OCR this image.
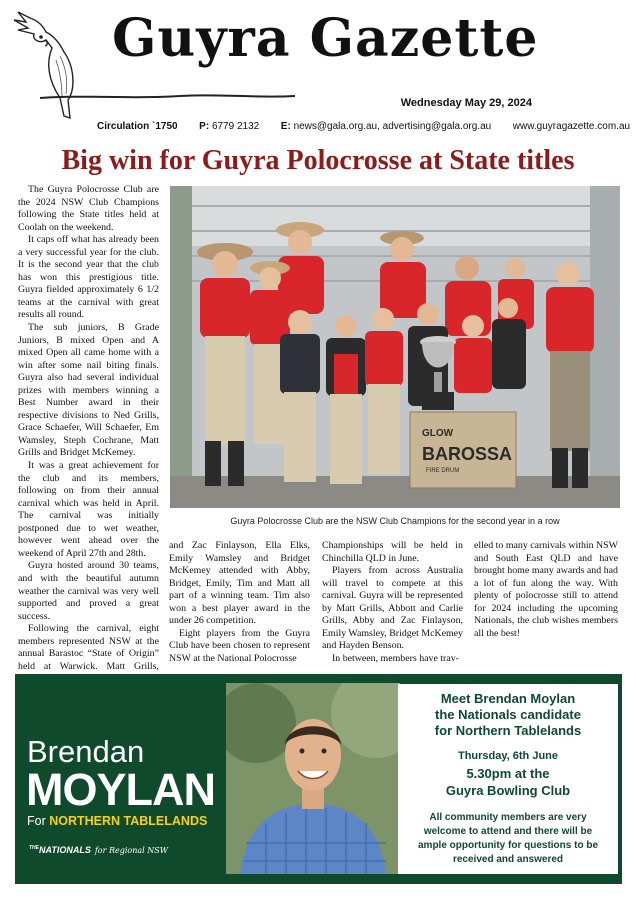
Guyra Gazette
Wednesday May 29, 2024
Circulation `1750 P: 6779 2132 E: news@gala.org.au, advertising@gala.org.au www.guyragazette.com.au
Big win for Guyra Polocrosse at State titles

The Guyra Polocrosse Club are the 2024 NSW Club Champions following the State titles held at Coolah on the weekend.

It caps off what has already been a very successful year for the club. It is the second year that the club has won this prestigious title. Guyra fielded approximately 6 1/2 teams at the carnival with great results all round.

The sub juniors, B Grade Juniors, B mixed Open and A mixed Open all came home with a win after some nail biting finals. Guyra also had several individual prizes with members winning a Best Number award in their respective divisions to Ned Grills, Grace Schaefer, Will Schaefer, Em Wamsley, Steph Cochrane, Matt Grills and Bridget McKemey.

It was a great achievement for the club and its members, following on from their annual carnival which was held in April. The carnival was initially postponed due to wet weather, however went ahead over the weekend of April 27th and 28th.

Guyra hosted around 30 teams, and with the beautiful autumn weather the carnival was very well supported and proved a great success.

Following the carnival, eight members represented NSW at the annual Barastoc “State of Origin” held at Warwick. Matt Grills,

GLOW
BAROSSA
FIRE DRUM
Guyra Polocrosse Club are the NSW Club Champions for the second year in a row

and Zac Finlayson, Ella Elks, Emily Wamsley and Bridget McKemey attended with Abby, Bridget, Emily, Tim and Matt all part of a winning team. Tim also won a best player award in the under 26 competition.

Eight players from the Guyra Club have been chosen to represent NSW at the National Polocrosse

Championships will be held in Chinchilla QLD in June.

Players from across Australia will travel to compete at this carnival. Guyra will be represented by Matt Grills, Abbott and Carlie Grills, Abby and Zac Finlayson, Emily Wamsley, Bridget McKemey and Hayden Benson.

In between, members have trav-

elled to many carnivals within NSW and South East QLD and have brought home many awards and had a lot of fun along the way. With plenty of polocrosse still to attend for 2024 including the upcoming Nationals, the club wishes members all the best!

Brendan
MOYLAN
For NORTHERN TABLELANDS
$^{THE}$NATIONALS for Regional NSW
Meet Brendan Moylan
the Nationals candidate
for Northern Tablelands
Thursday, 6th June
5.30pm at the
Guyra Bowling Club
All community members are very welcome to attend and there will be ample opportunity for questions to be received and answered
